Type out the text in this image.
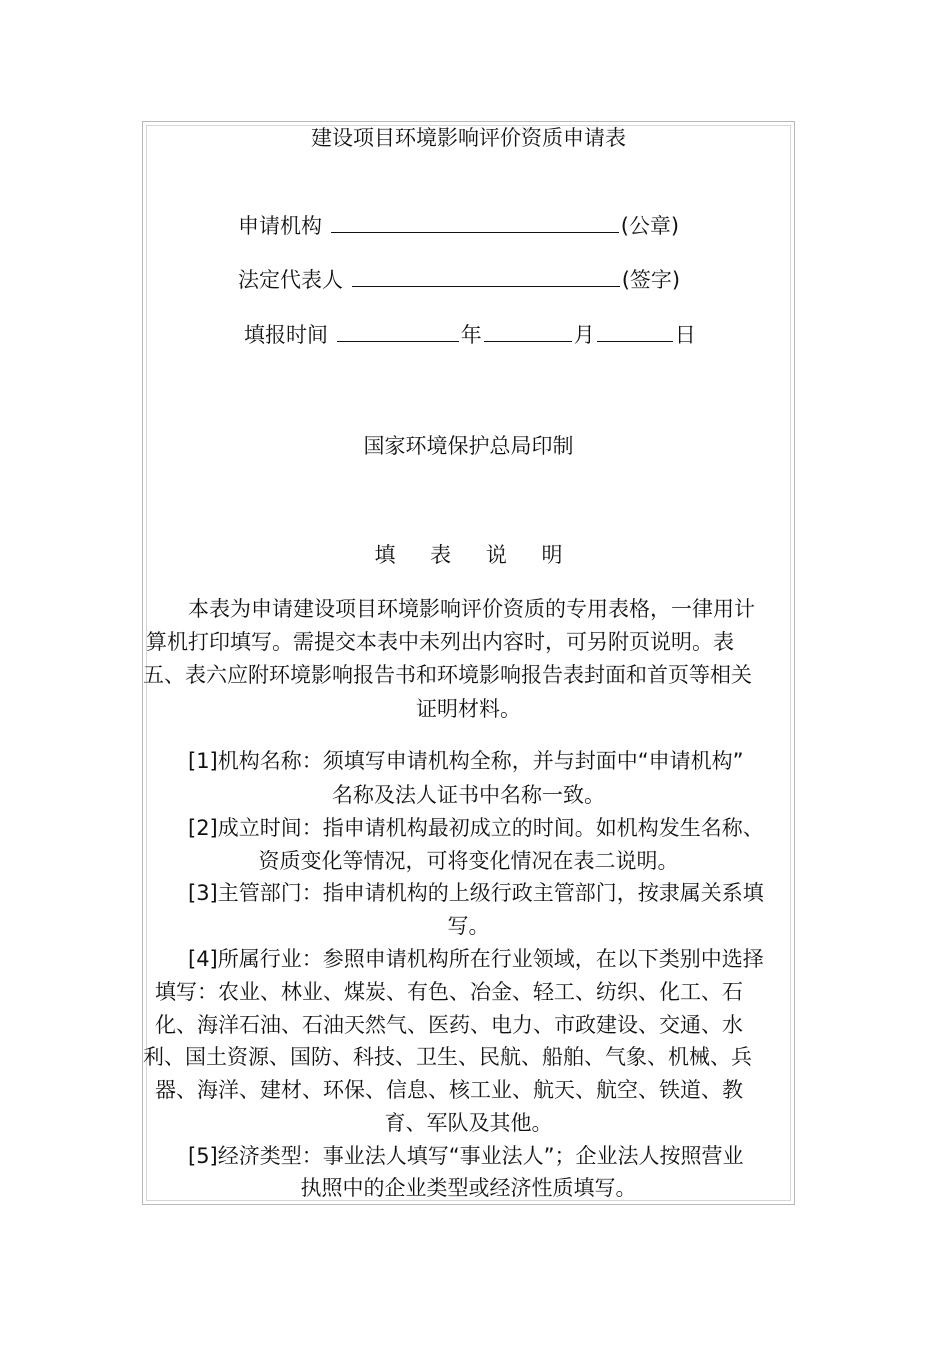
建设项目环境影响评价资质申请表
申请机构	(公章)
法定代表人	(签字)
填报时间	年	月	日
国家环境保护总局印制
填 表 说 明
本表为申请建设项目环境影响评价资质的专用表格，一律用计
算机打印填写。需提交本表中未列出内容时，可另附页说明。表
五、表六应附环境影响报告书和环境影响报告表封面和首页等相关
证明材料。
[1]机构名称：须填写申请机构全称，并与封面中“申请机构”
名称及法人证书中名称一致。
[2]成立时间：指申请机构最初成立的时间。如机构发生名称、
资质变化等情况，可将变化情况在表二说明。
[3]主管部门：指申请机构的上级行政主管部门，按隶属关系填
写。
[4]所属行业：参照申请机构所在行业领域，在以下类别中选择
填写：农业、林业、煤炭、有色、冶金、轻工、纺织、化工、石
化、海洋石油、石油天然气、医药、电力、市政建设、交通、水
利、国土资源、国防、科技、卫生、民航、船舶、气象、机械、兵
器、海洋、建材、环保、信息、核工业、航天、航空、铁道、教
育、军队及其他。
[5]经济类型：事业法人填写“事业法人”；企业法人按照营业
执照中的企业类型或经济性质填写。
